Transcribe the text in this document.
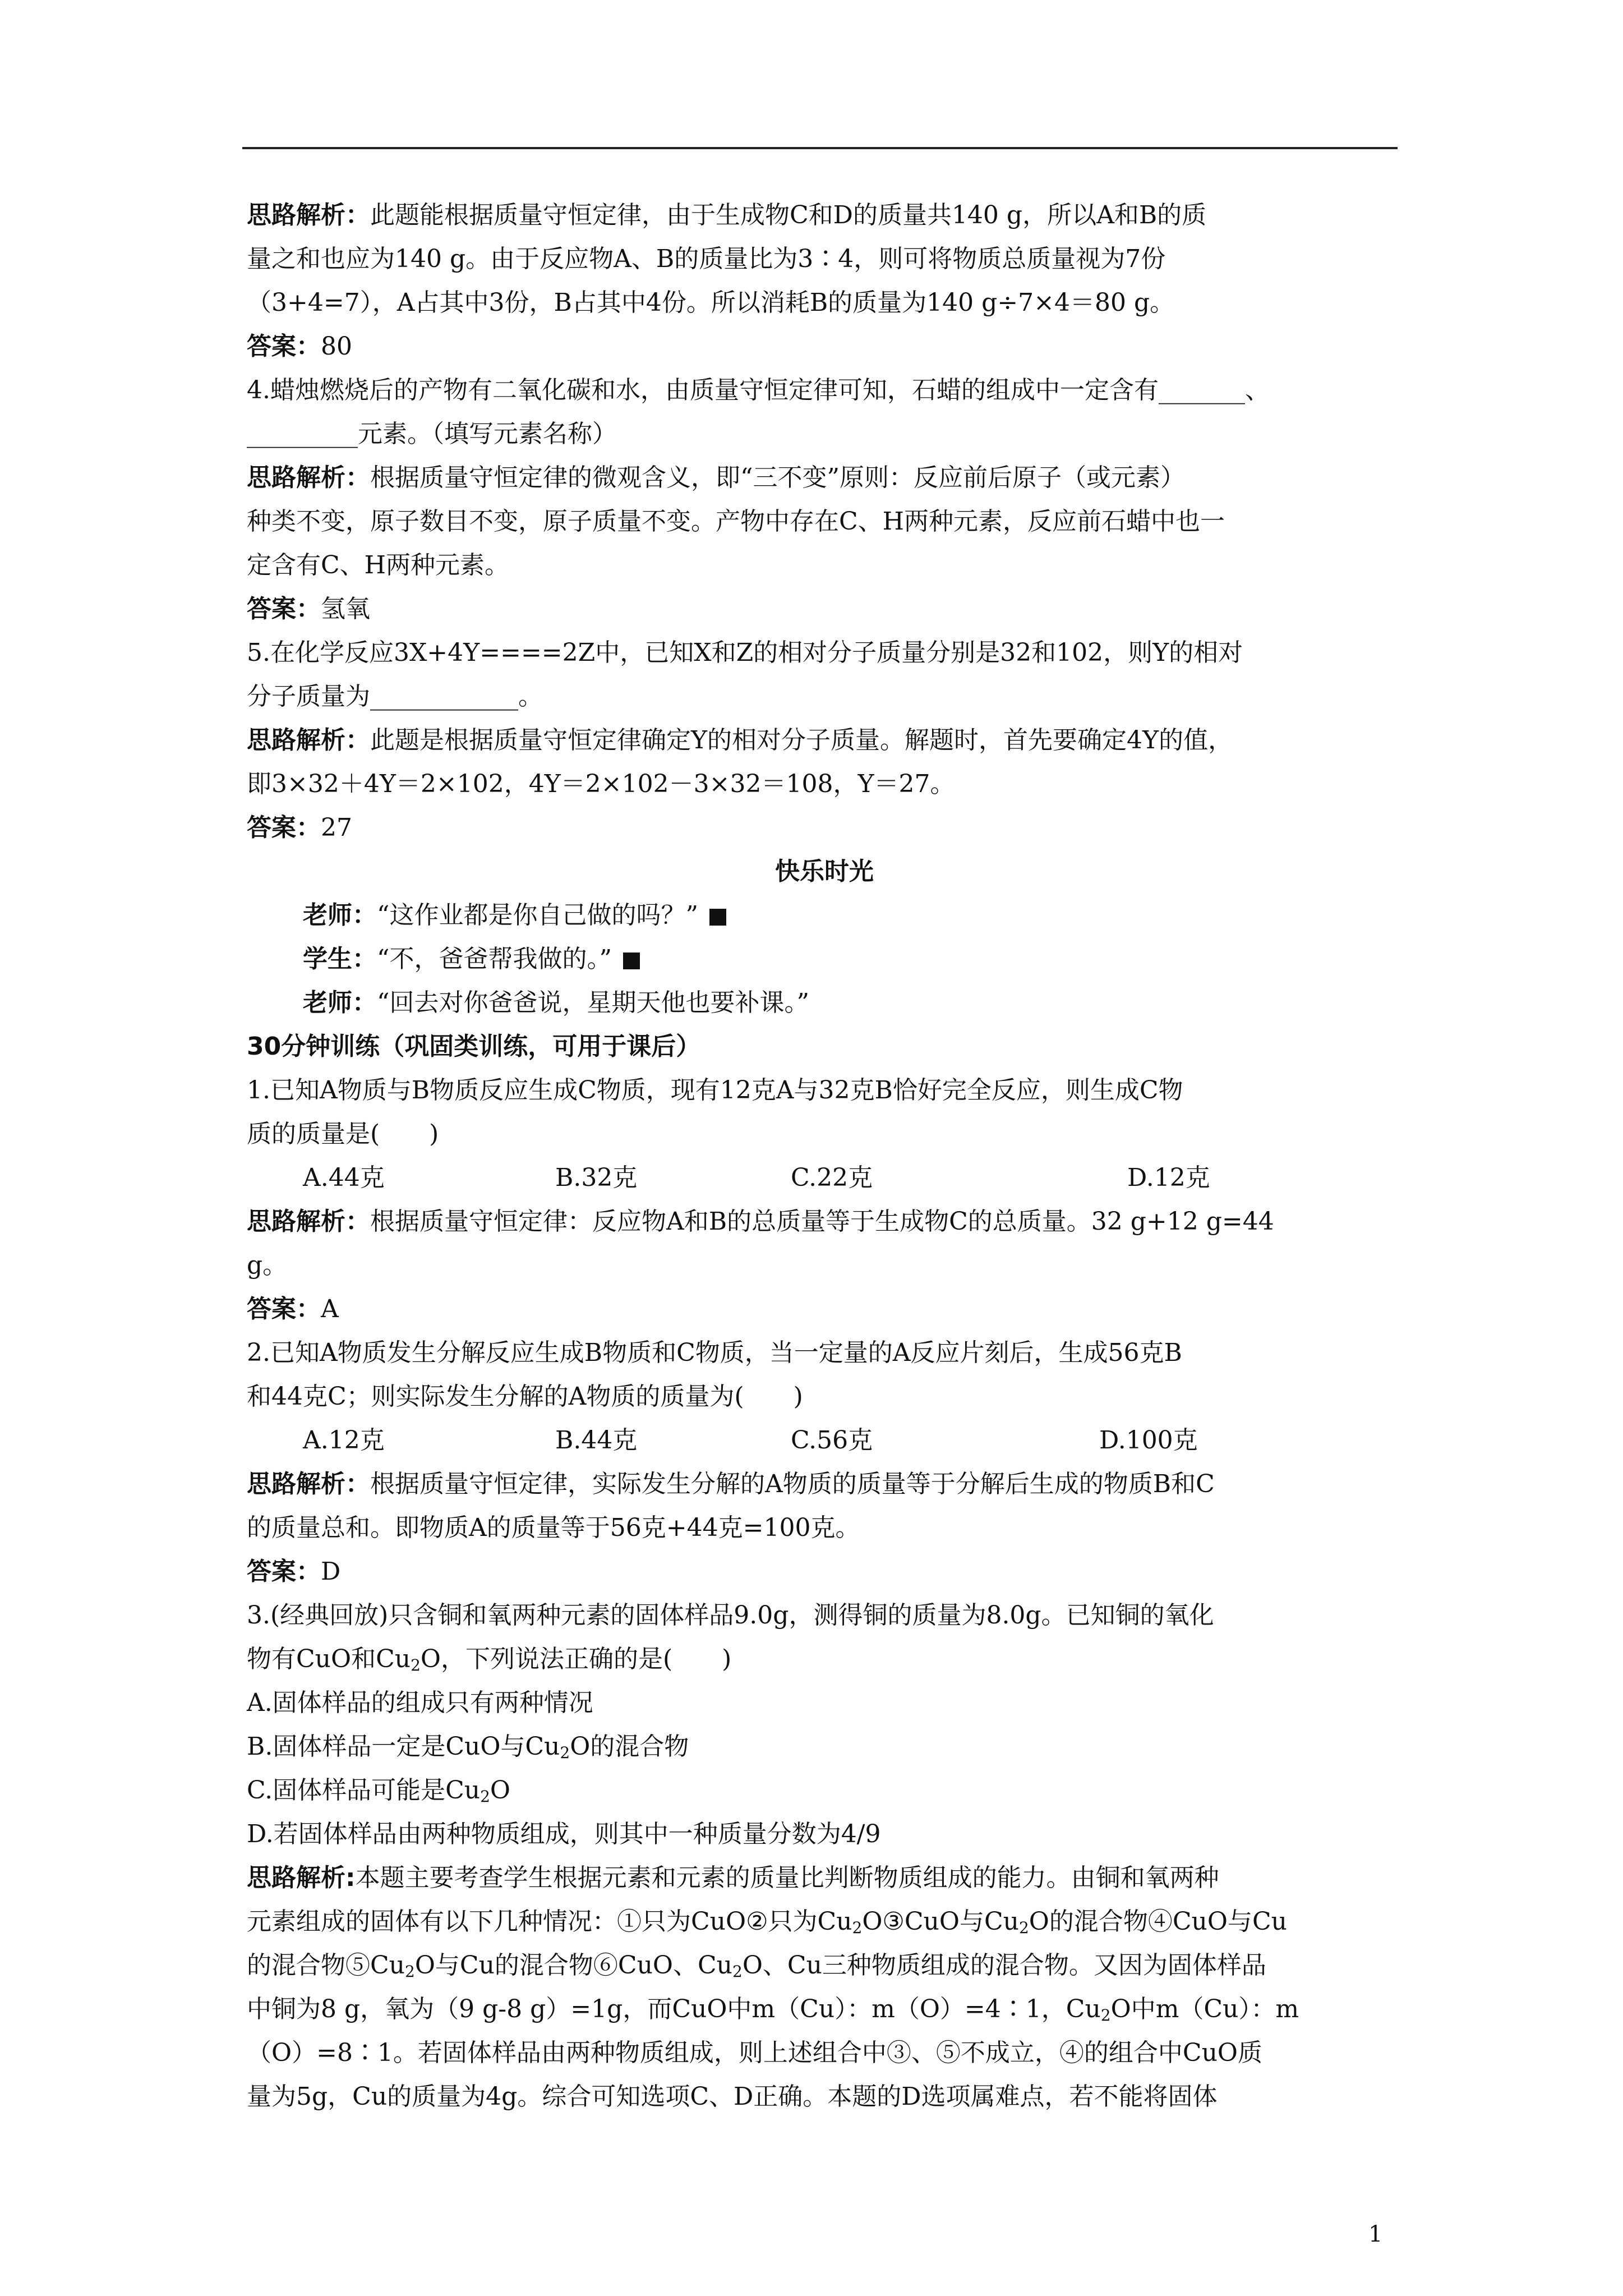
思路解析：此题能根据质量守恒定律，由于生成物C和D的质量共140 g，所以A和B的质

量之和也应为140 g。由于反应物A、B的质量比为3∶4，则可将物质总质量视为7份

（3+4=7），A占其中3份，B占其中4份。所以消耗B的质量为140 g÷7×4＝80 g。

答案：80

4.蜡烛燃烧后的产物有二氧化碳和水，由质量守恒定律可知，石蜡的组成中一定含有_______、

_________元素。（填写元素名称）

思路解析：根据质量守恒定律的微观含义，即“三不变”原则：反应前后原子（或元素）

种类不变，原子数目不变，原子质量不变。产物中存在C、H两种元素，反应前石蜡中也一

定含有C、H两种元素。

答案：氢氧

5.在化学反应3X+4Y====2Z中，已知X和Z的相对分子质量分别是32和102，则Y的相对

分子质量为____________。

思路解析：此题是根据质量守恒定律确定Y的相对分子质量。解题时，首先要确定4Y的值，

即3×32＋4Y＝2×102，4Y＝2×102－3×32＝108，Y＝27。

答案：27

快乐时光

老师：“这作业都是你自己做的吗？”

学生：“不，爸爸帮我做的。”

老师：“回去对你爸爸说，星期天他也要补课。”

30分钟训练（巩固类训练，可用于课后）

1.已知A物质与B物质反应生成C物质，现有12克A与32克B恰好完全反应，则生成C物

质的质量是(　　)

A.44克	B.32克	C.22克	D.12克

思路解析：根据质量守恒定律：反应物A和B的总质量等于生成物C的总质量。32 g+12 g=44

g。

答案：A

2.已知A物质发生分解反应生成B物质和C物质，当一定量的A反应片刻后，生成56克B

和44克C；则实际发生分解的A物质的质量为(　　)

A.12克	B.44克	C.56克	D.100克

思路解析：根据质量守恒定律，实际发生分解的A物质的质量等于分解后生成的物质B和C

的质量总和。即物质A的质量等于56克+44克=100克。

答案：D

3.(经典回放)只含铜和氧两种元素的固体样品9.0g，测得铜的质量为8.0g。已知铜的氧化

物有CuO和$Cu_2O$，下列说法正确的是(　　)

A.固体样品的组成只有两种情况

B.固体样品一定是CuO与$Cu_2O$的混合物

C.固体样品可能是$Cu_2O$

D.若固体样品由两种物质组成，则其中一种质量分数为4/9

思路解析:本题主要考查学生根据元素和元素的质量比判断物质组成的能力。由铜和氧两种

元素组成的固体有以下几种情况：①只为CuO②只为$Cu_2O③CuO$与$Cu_2O$的混合物④CuO与Cu

的混合物$⑤Cu_2O$与Cu的混合物⑥CuO、$Cu_2O$、Cu三种物质组成的混合物。又因为固体样品

中铜为8 g，氧为（9 g-8 g）=1g，而CuO中m（Cu）：m（O）=4∶1，$Cu_2O$中m（Cu）：m

（O）=8∶1。若固体样品由两种物质组成，则上述组合中③、⑤不成立，④的组合中CuO质

量为5g，Cu的质量为4g。综合可知选项C、D正确。本题的D选项属难点，若不能将固体

1
